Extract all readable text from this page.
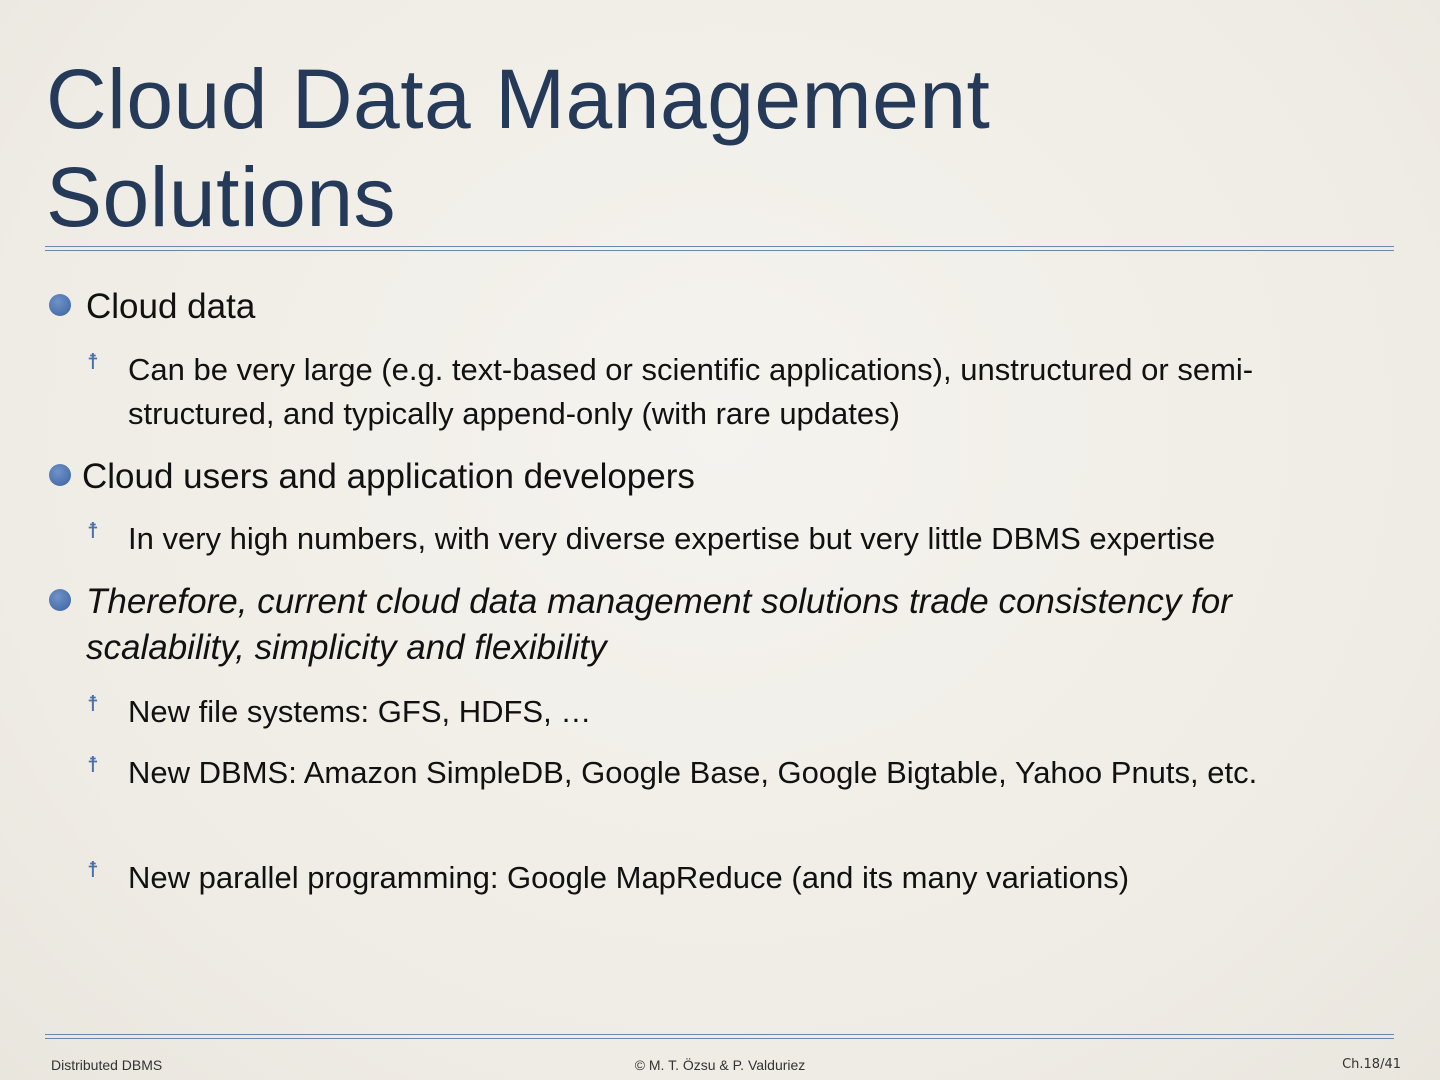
Cloud Data Management
Solutions
Cloud data
☨ Can be very large (e.g. text-based or scientific applications), unstructured or semi-structured, and typically append-only (with rare updates)
Cloud users and application developers
☨ In very high numbers, with very diverse expertise but very little DBMS expertise
Therefore, current cloud data management solutions trade consistency for scalability, simplicity and flexibility
☨ New file systems: GFS, HDFS, …
☨ New DBMS: Amazon SimpleDB, Google Base, Google Bigtable, Yahoo Pnuts, etc.
☨ New parallel programming: Google MapReduce (and its many variations)
Distributed DBMS	© M. T. Özsu & P. Valduriez	Ch.18/41
